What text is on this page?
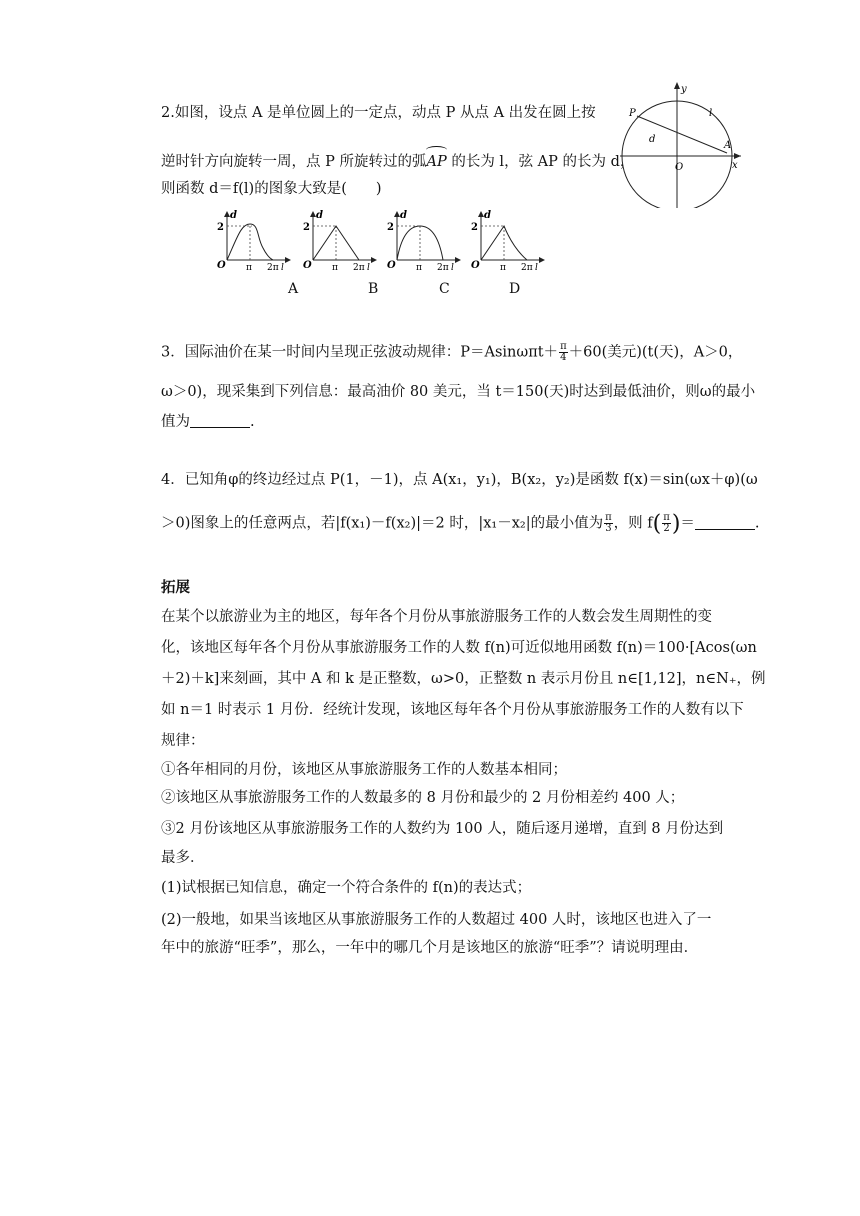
2.如图，设点 A 是单位圆上的一定点，动点 P 从点 A 出发在圆上按
逆时针方向旋转一周，点 P 所旋转过的弧AP 的长为 l，弦 AP 的长为 d，
则函数 d＝f(l)的图象大致是(　　)
y
x
P	l
d
O
A
d
2
O π 2π l
d
2
O π 2π l
d
2
O π 2π l
d
2
O π 2π l
A	B	C	D
3．国际油价在某一时间内呈现正弦波动规律：$P=Asin\omega\pi t+ \frac{\pi}{4} +60$(美元)(t(天)，A＞0，
ω＞0)，现采集到下列信息：最高油价 80 美元，当 t＝150(天)时达到最低油价，则ω的最小
值为	.
4．已知角φ的终边经过点 P(1，－1)，点 A(x₁，y₁)，B(x₂，y₂)是函数 f(x)＝sin(ωx＋φ)(ω
＞0)图象上的任意两点，若|f(x₁)－f(x₂)|＝2 时，|x₁－x₂|的最小值为 $\frac{\pi}{3}$ ，则 $f( \frac{\pi}{2}$ )＝	.
拓展
在某个以旅游业为主的地区，每年各个月份从事旅游服务工作的人数会发生周期性的变
化，该地区每年各个月份从事旅游服务工作的人数 f(n)可近似地用函数 f(n)＝100·[Acos(ωn
＋2)＋k]来刻画，其中 A 和 k 是正整数，ω>0，正整数 n 表示月份且 n∈[1,12]，n∈N₊，例
如 n＝1 时表示 1 月份．经统计发现，该地区每年各个月份从事旅游服务工作的人数有以下
规律：
①各年相同的月份，该地区从事旅游服务工作的人数基本相同；
②该地区从事旅游服务工作的人数最多的 8 月份和最少的 2 月份相差约 400 人；
③2 月份该地区从事旅游服务工作的人数约为 100 人，随后逐月递增，直到 8 月份达到
最多．
(1)试根据已知信息，确定一个符合条件的 f(n)的表达式；
(2)一般地，如果当该地区从事旅游服务工作的人数超过 400 人时，该地区也进入了一
年中的旅游“旺季”，那么，一年中的哪几个月是该地区的旅游“旺季”？请说明理由．
